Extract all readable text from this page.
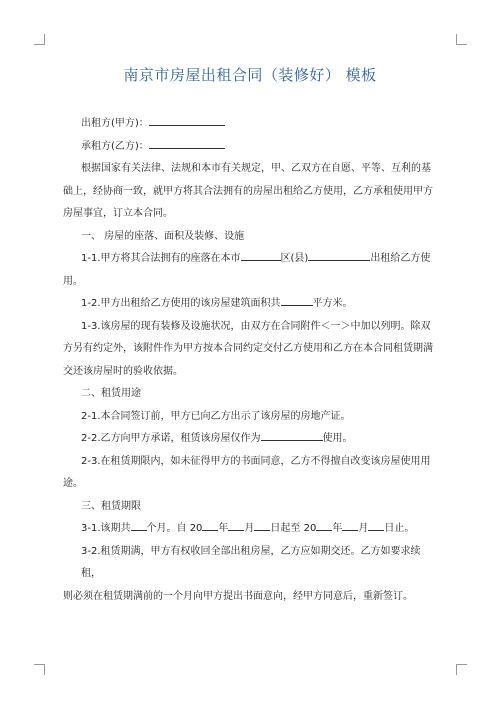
南京市房屋出租合同（装修好） 模板

出租方(甲方)：

承租方(乙方)：

根据国家有关法律、法规和本市有关规定，甲、乙双方在自愿、平等、互利的基

础上，经协商一致，就甲方将其合法拥有的房屋出租给乙方使用，乙方承租使用甲方

房屋事宜，订立本合同。

一、 房屋的座落、面积及装修、设施

1-1.甲方将其合法拥有的座落在本市	区(县)	出租给乙方使

用。

1-2.甲方出租给乙方使用的该房屋建筑面积共	平方米。

1-3.该房屋的现有装修及设施状况，由双方在合同附件＜一＞中加以列明。除双

方另有约定外，该附件作为甲方按本合同约定交付乙方使用和乙方在本合同租赁期满

交还该房屋时的验收依据。

二、租赁用途

2-1.本合同签订前，甲方已向乙方出示了该房屋的房地产证。

2-2.乙方向甲方承诺，租赁该房屋仅作为	使用。

2-3.在租赁期限内，如未征得甲方的书面同意，乙方不得擅自改变该房屋使用用

途。

三、租赁期限

3-1.该期共 个月。自 20 年 月 日起至 20 年 月 日止。

3-2.租赁期满，甲方有权收回全部出租房屋，乙方应如期交还。乙方如要求续租，

则必须在租赁期满前的一个月向甲方提出书面意向，经甲方同意后，重新签订。
